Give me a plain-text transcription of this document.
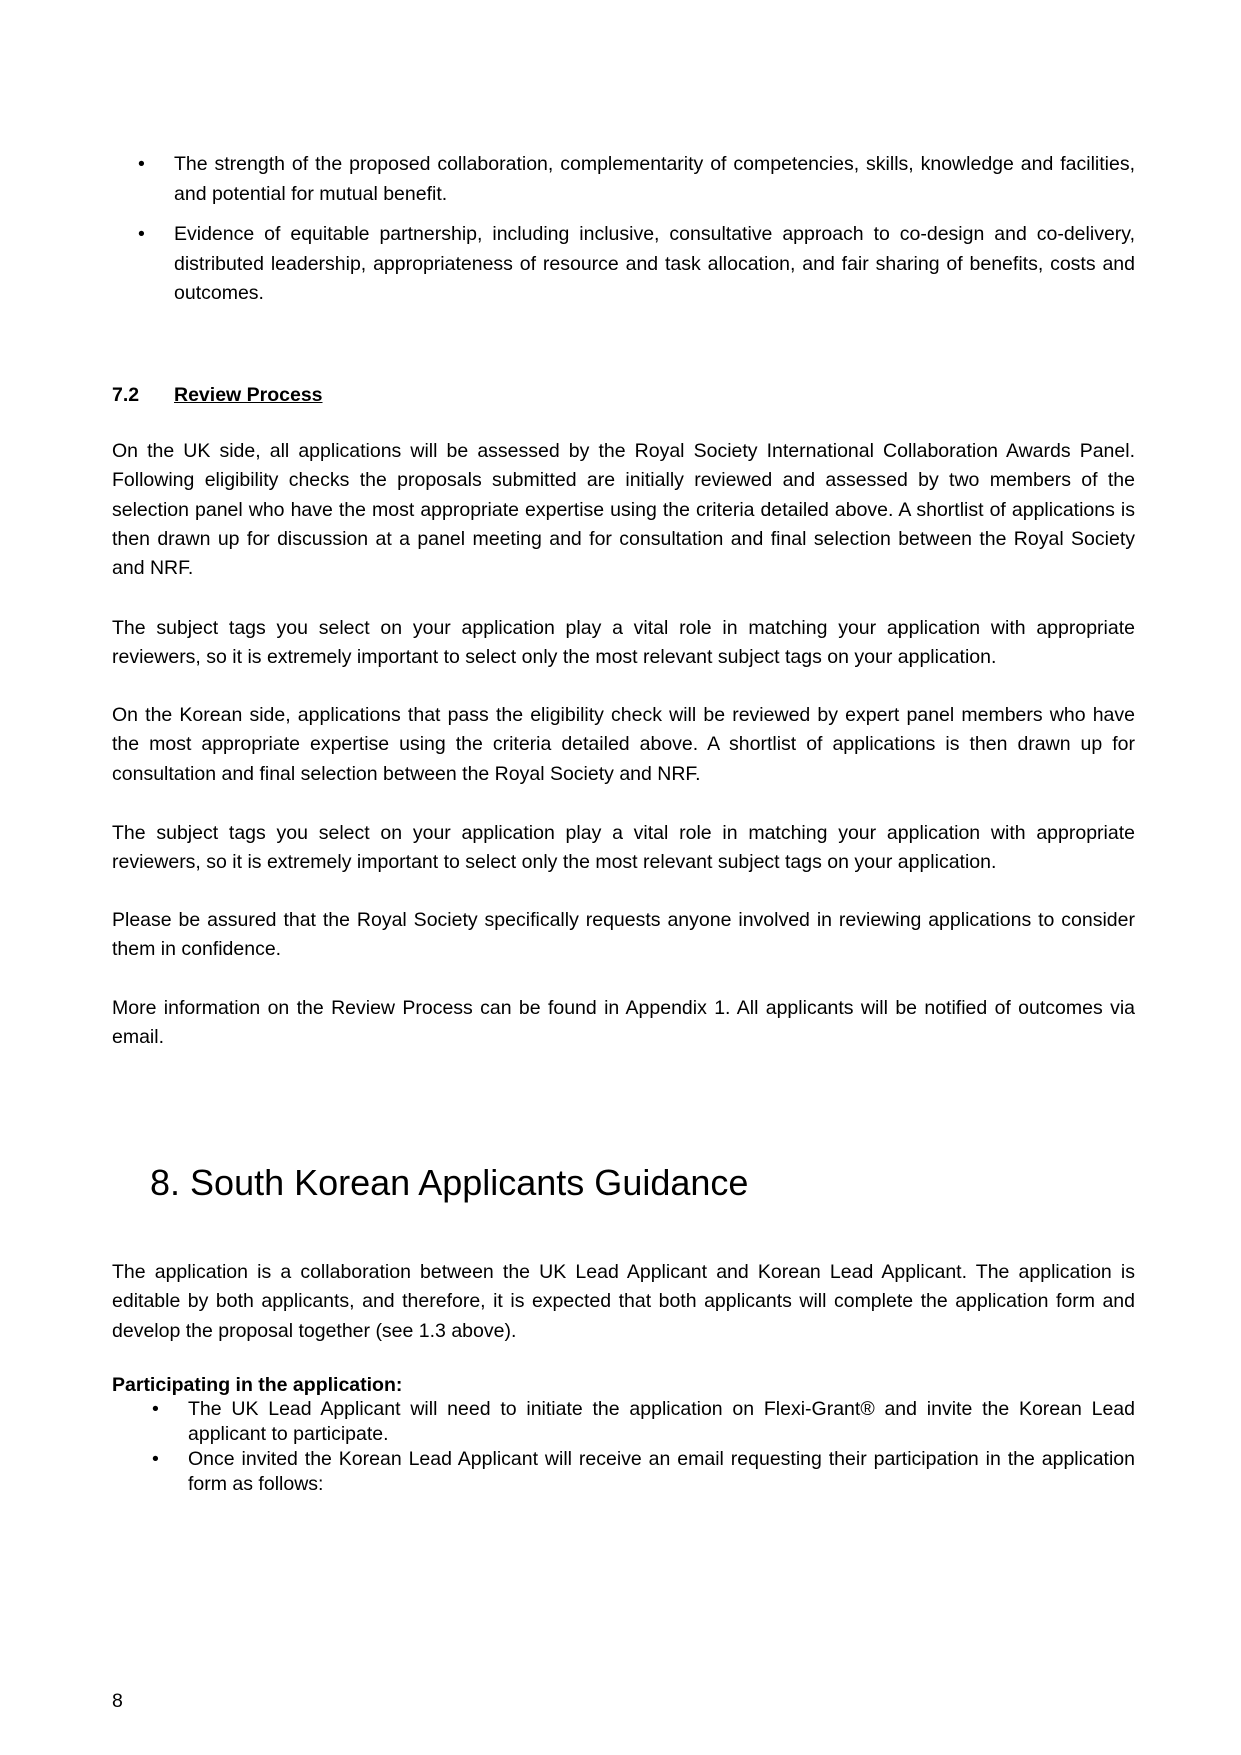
• The strength of the proposed collaboration, complementarity of competencies, skills, knowledge and facilities, and potential for mutual benefit.
• Evidence of equitable partnership, including inclusive, consultative approach to co-design and co-delivery, distributed leadership, appropriateness of resource and task allocation, and fair sharing of benefits, costs and outcomes.
7.2 Review Process

On the UK side, all applications will be assessed by the Royal Society International Collaboration Awards Panel. Following eligibility checks the proposals submitted are initially reviewed and assessed by two members of the selection panel who have the most appropriate expertise using the criteria detailed above. A shortlist of applications is then drawn up for discussion at a panel meeting and for consultation and final selection between the Royal Society and NRF.

The subject tags you select on your application play a vital role in matching your application with appropriate reviewers, so it is extremely important to select only the most relevant subject tags on your application.

On the Korean side, applications that pass the eligibility check will be reviewed by expert panel members who have the most appropriate expertise using the criteria detailed above. A shortlist of applications is then drawn up for consultation and final selection between the Royal Society and NRF.

The subject tags you select on your application play a vital role in matching your application with appropriate reviewers, so it is extremely important to select only the most relevant subject tags on your application.

Please be assured that the Royal Society specifically requests anyone involved in reviewing applications to consider them in confidence.

More information on the Review Process can be found in Appendix 1. All applicants will be notified of outcomes via email.

8. South Korean Applicants Guidance

The application is a collaboration between the UK Lead Applicant and Korean Lead Applicant. The application is editable by both applicants, and therefore, it is expected that both applicants will complete the application form and develop the proposal together (see 1.3 above).

Participating in the application:
• The UK Lead Applicant will need to initiate the application on Flexi-Grant® and invite the Korean Lead applicant to participate.
• Once invited the Korean Lead Applicant will receive an email requesting their participation in the application form as follows:
8
